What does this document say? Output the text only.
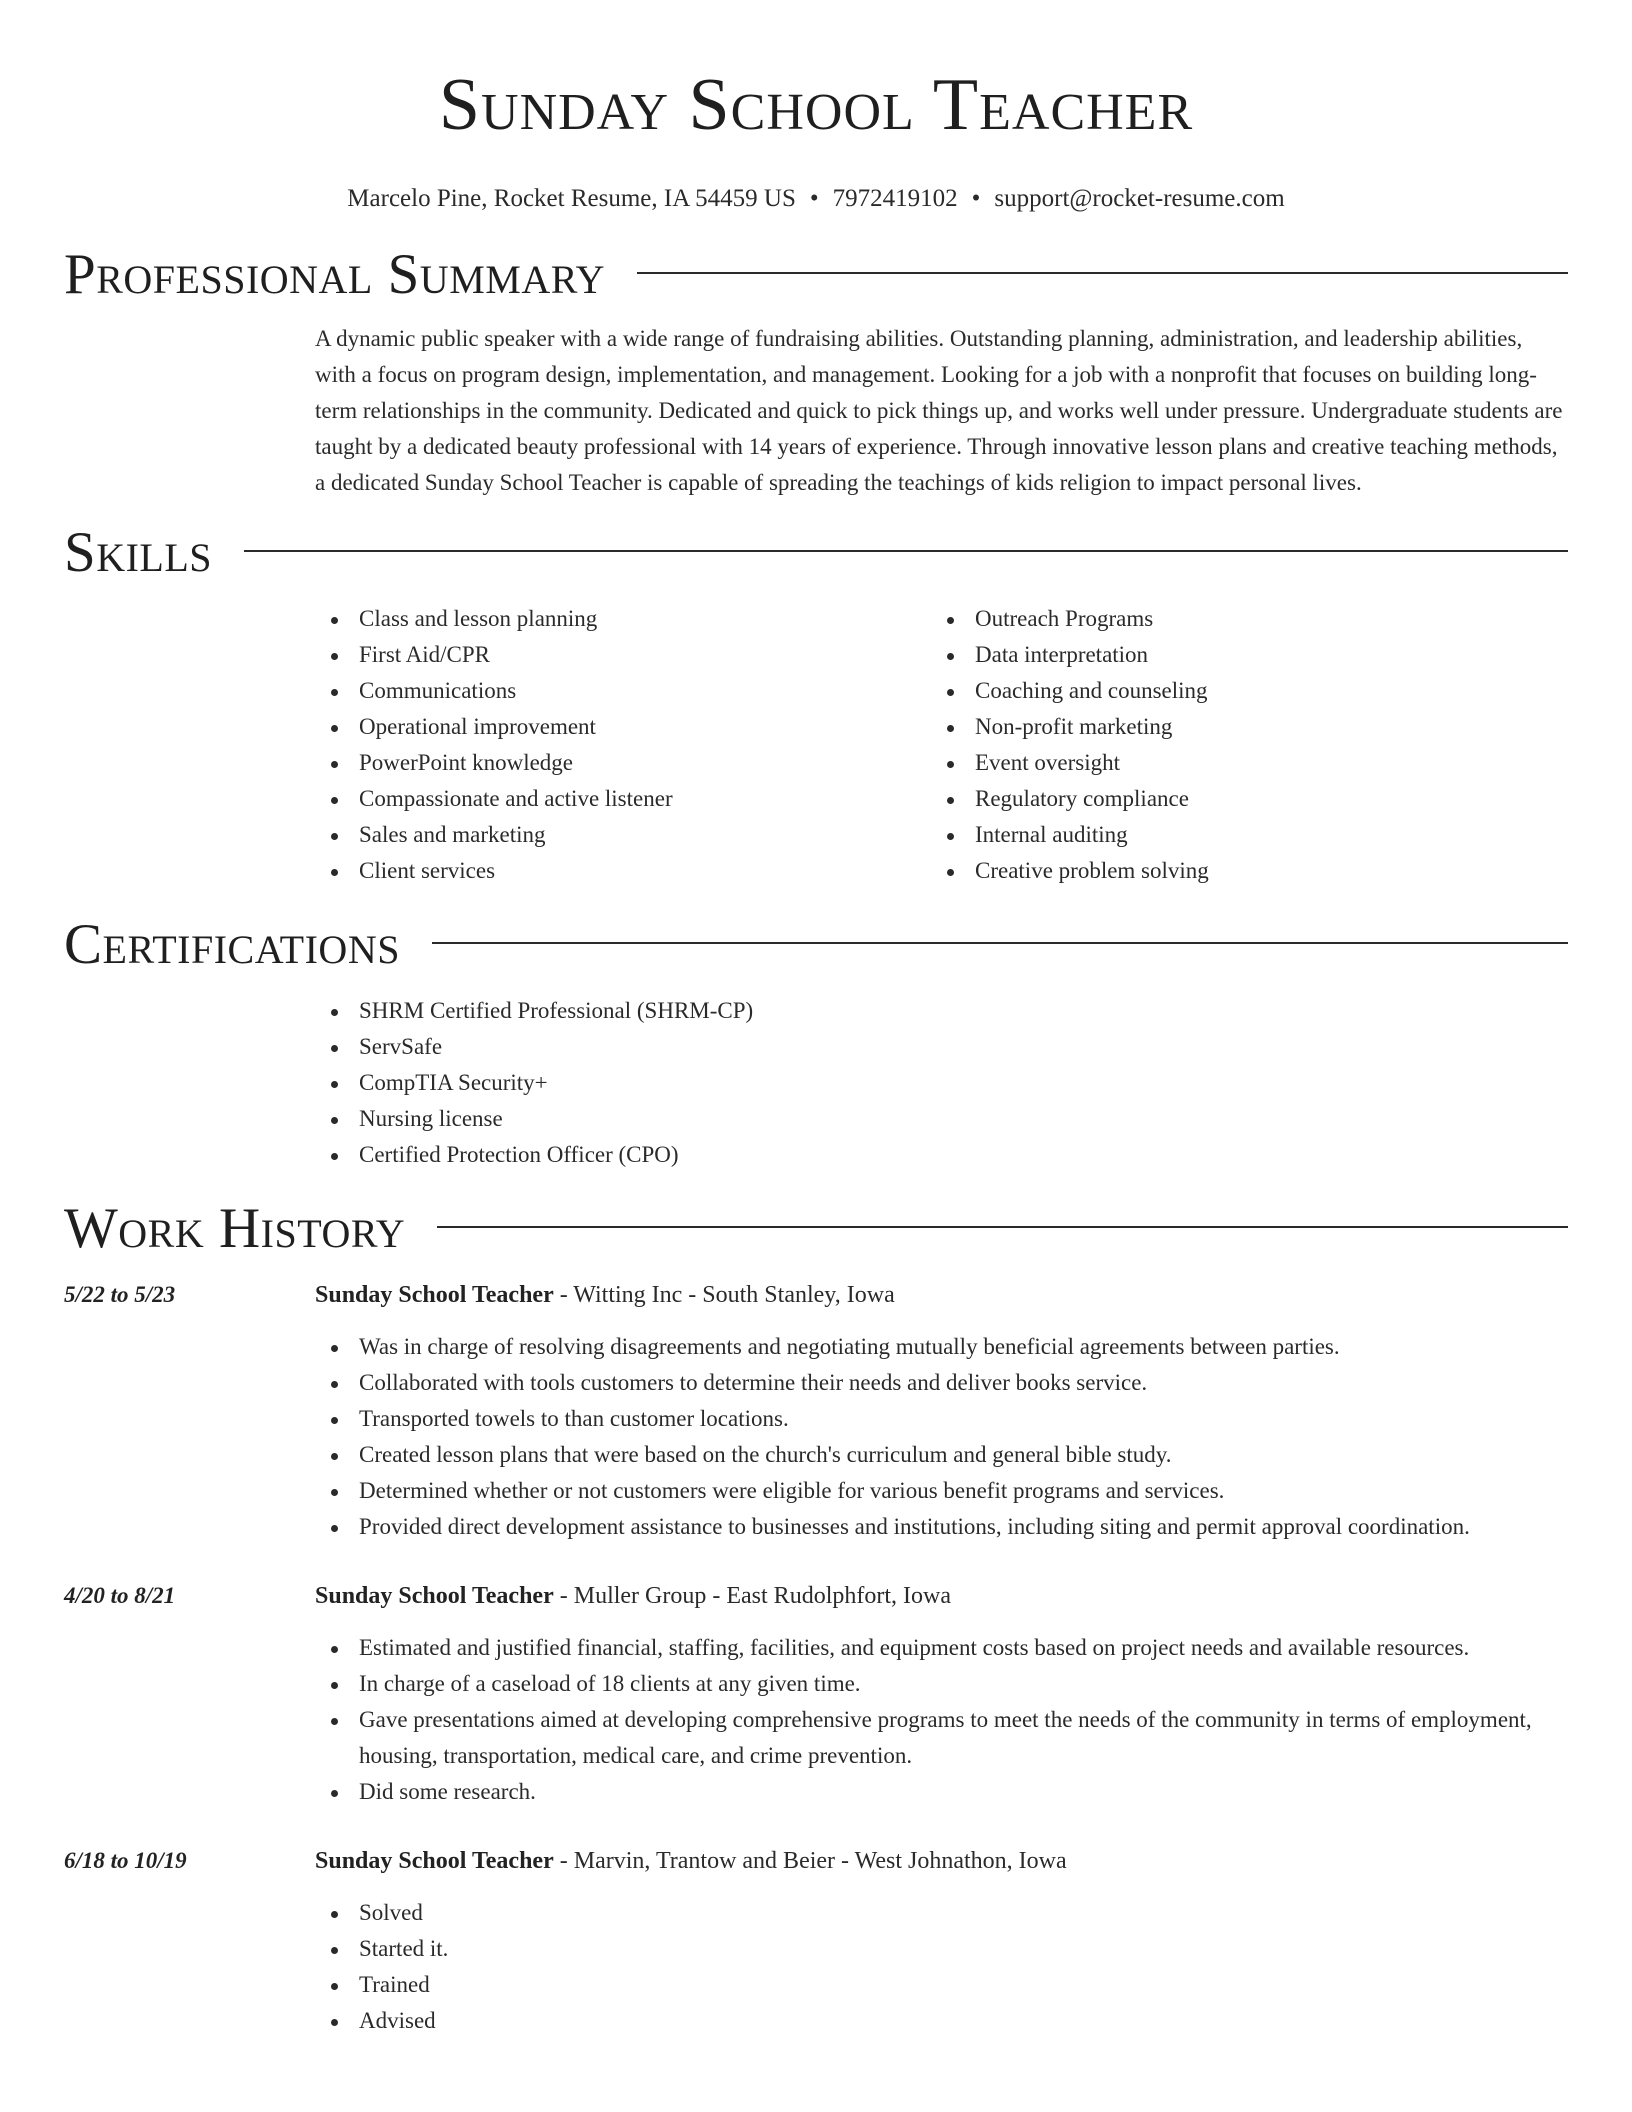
Sunday School Teacher
Marcelo Pine, Rocket Resume, IA 54459 US • 7972419102 • support@rocket-resume.com
Professional Summary

A dynamic public speaker with a wide range of fundraising abilities. Outstanding planning, administration, and leadership abilities, with a focus on program design, implementation, and management. Looking for a job with a nonprofit that focuses on building long-term relationships in the community. Dedicated and quick to pick things up, and works well under pressure. Undergraduate students are taught by a dedicated beauty professional with 14 years of experience. Through innovative lesson plans and creative teaching methods, a dedicated Sunday School Teacher is capable of spreading the teachings of kids religion to impact personal lives.

Skills
Class and lesson planning
First Aid/CPR
Communications
Operational improvement
PowerPoint knowledge
Compassionate and active listener
Sales and marketing
Client services
Outreach Programs
Data interpretation
Coaching and counseling
Non-profit marketing
Event oversight
Regulatory compliance
Internal auditing
Creative problem solving
Certifications
SHRM Certified Professional (SHRM-CP)
ServSafe
CompTIA Security+
Nursing license
Certified Protection Officer (CPO)
Work History
5/22 to 5/23	Sunday School Teacher - Witting Inc - South Stanley, Iowa
Was in charge of resolving disagreements and negotiating mutually beneficial agreements between parties.
Collaborated with tools customers to determine their needs and deliver books service.
Transported towels to than customer locations.
Created lesson plans that were based on the church's curriculum and general bible study.
Determined whether or not customers were eligible for various benefit programs and services.
Provided direct development assistance to businesses and institutions, including siting and permit approval coordination.
4/20 to 8/21	Sunday School Teacher - Muller Group - East Rudolphfort, Iowa
Estimated and justified financial, staffing, facilities, and equipment costs based on project needs and available resources.
In charge of a caseload of 18 clients at any given time.
Gave presentations aimed at developing comprehensive programs to meet the needs of the community in terms of employment, housing, transportation, medical care, and crime prevention.
Did some research.
6/18 to 10/19	Sunday School Teacher - Marvin, Trantow and Beier - West Johnathon, Iowa
Solved
Started it.
Trained
Advised
